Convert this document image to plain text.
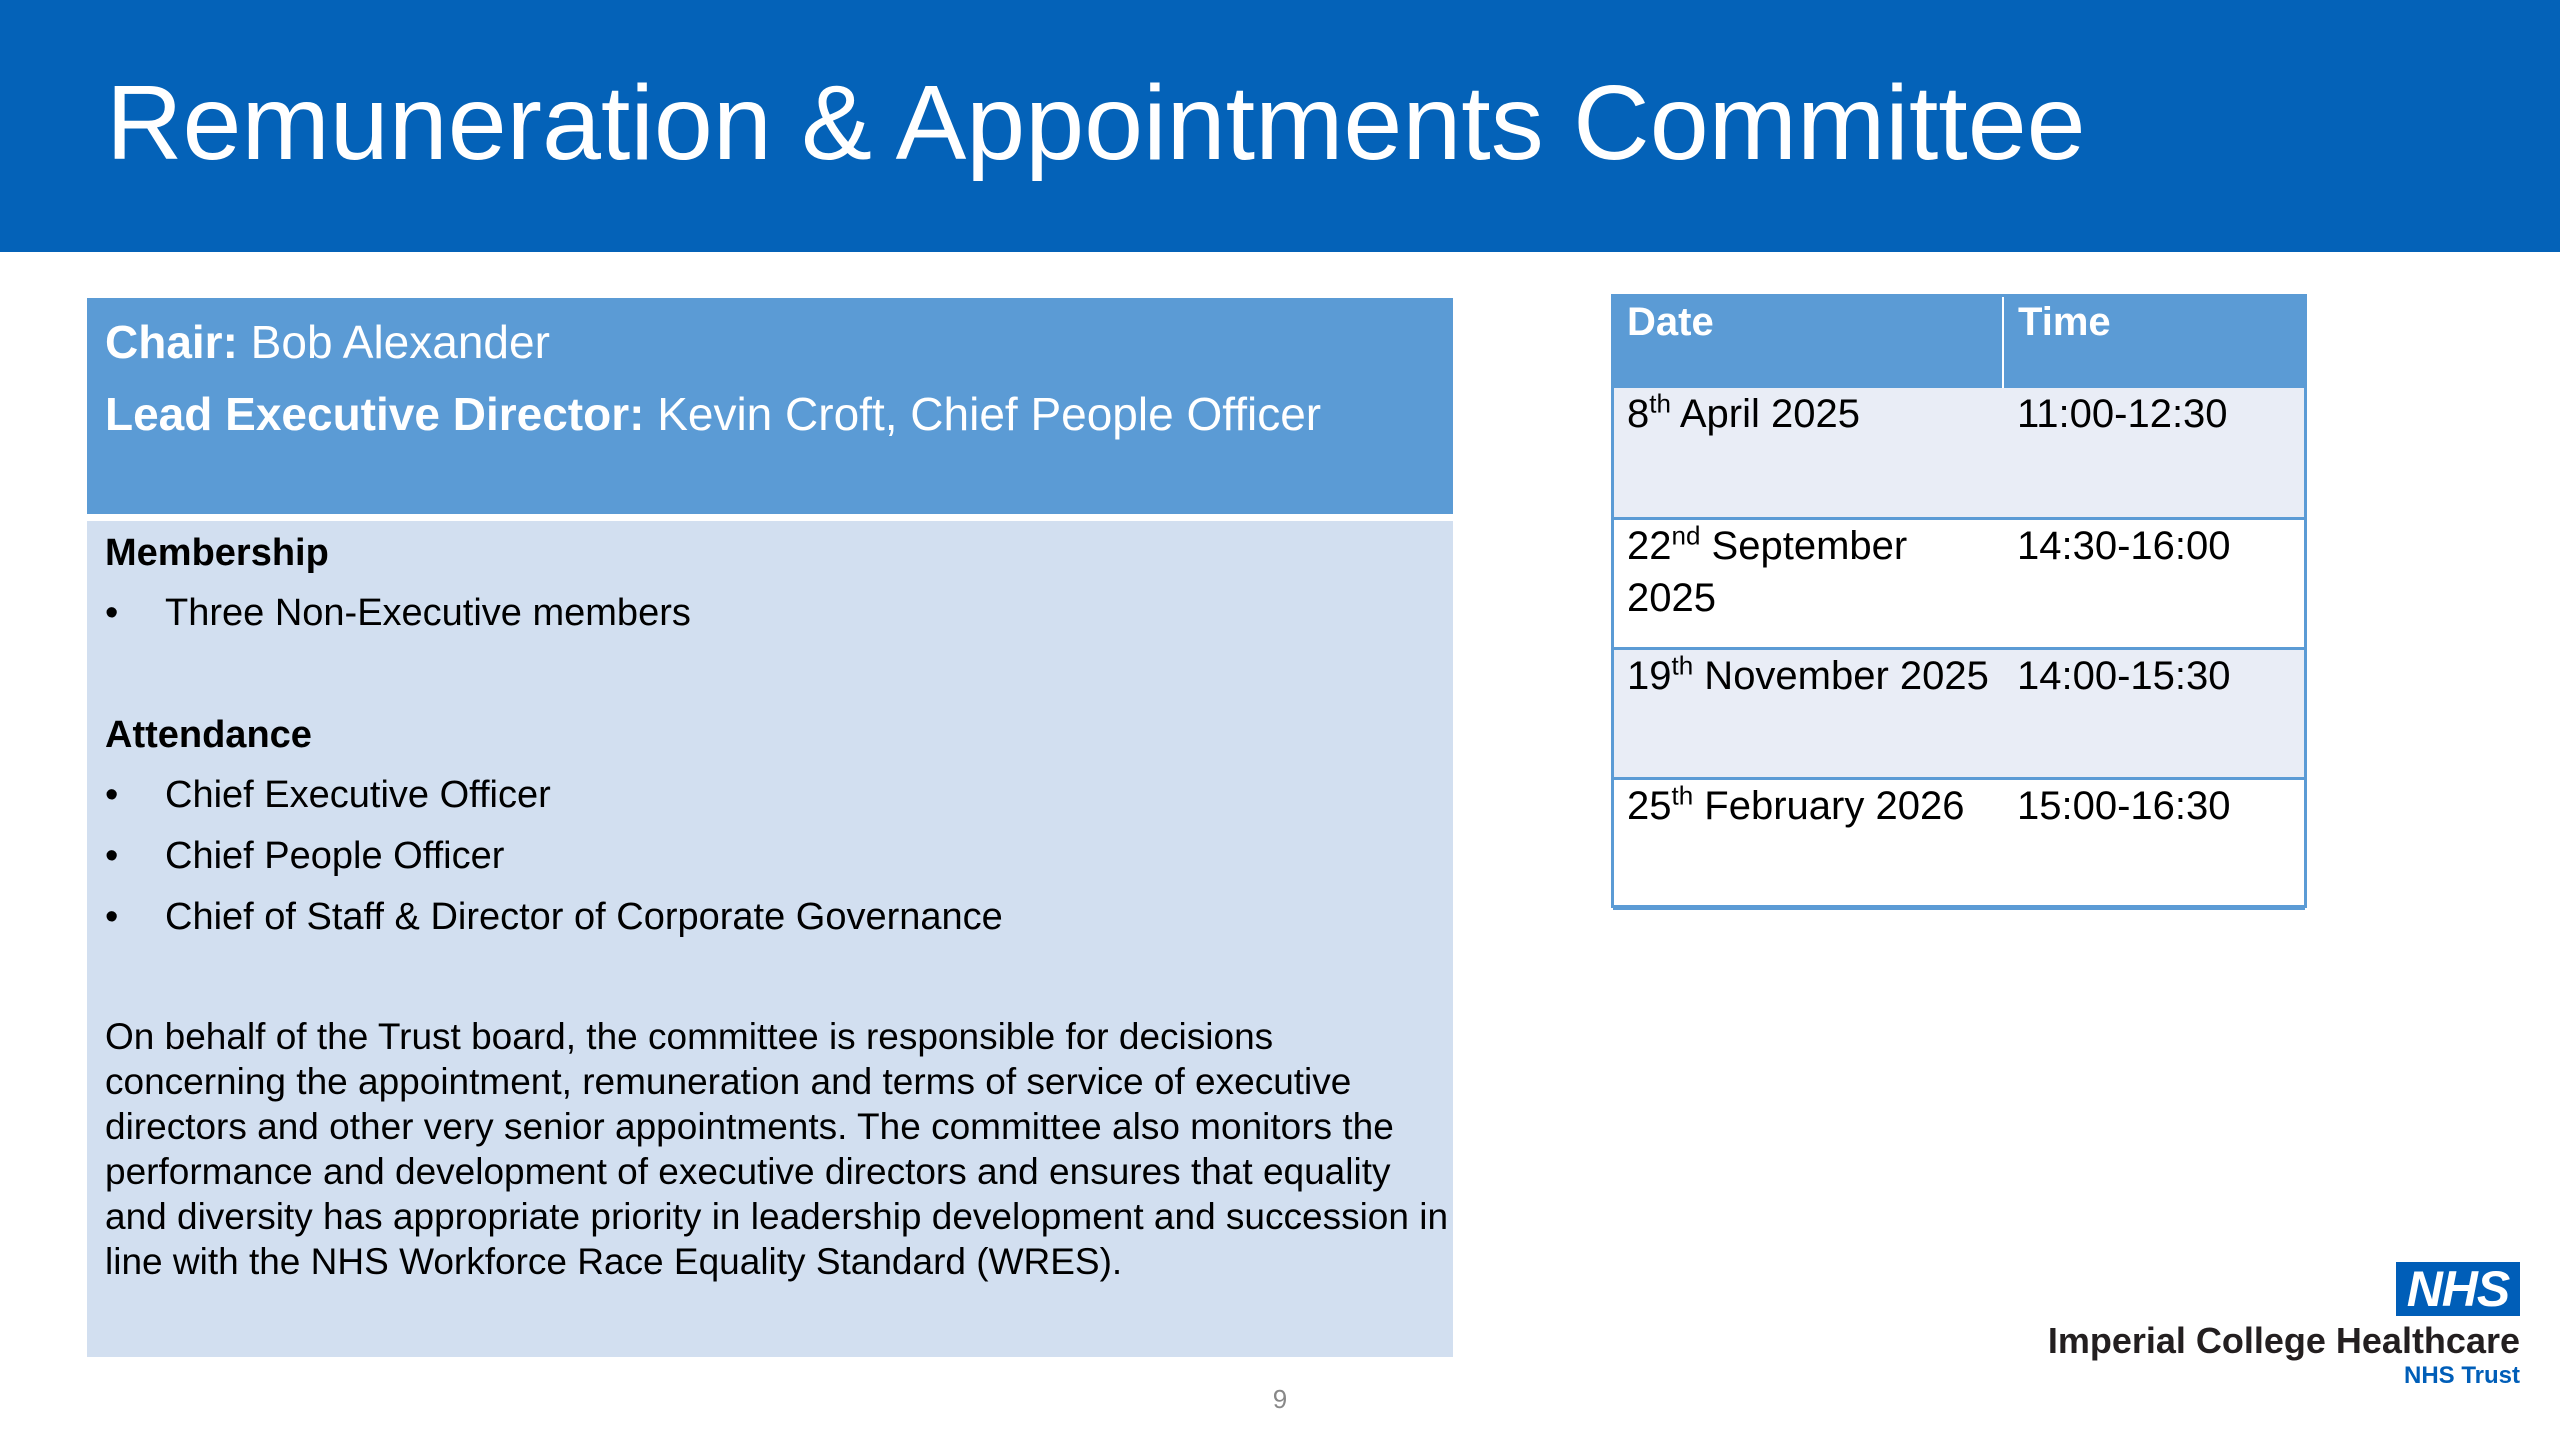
Remuneration & Appointments Committee
Chair: Bob Alexander
Lead Executive Director: Kevin Croft, Chief People Officer
Membership
•	Three Non-Executive members
Attendance
•	Chief Executive Officer
•	Chief People Officer
•	Chief of Staff & Director of Corporate Governance

On behalf of the Trust board, the committee is responsible for decisions concerning the appointment, remuneration and terms of service of executive directors and other very senior appointments. The committee also monitors the performance and development of executive directors and ensures that equality and diversity has appropriate priority in leadership development and succession in line with the NHS Workforce Race Equality Standard (WRES).

Date	Time
8th April 2025	11:00-12:30
22nd September 2025	14:30-16:00
19th November 2025	14:00-15:30
25th February 2026	15:00-16:30
9
NHS
Imperial College Healthcare
NHS Trust
